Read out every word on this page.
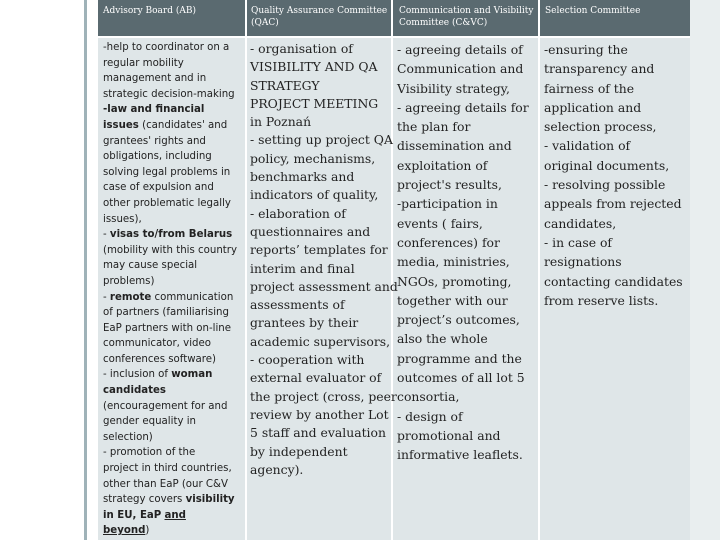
Advisory Board (AB)	Quality Assurance Committee
(QAC)
Communication and Visibility
Committee (C&VC)
Selection Committee
-help to coordinator on a
regular mobility
management and in
strategic decision-making
-law and financial
issues (candidates' and
grantees' rights and
obligations, including
solving legal problems in
case of expulsion and
other problematic legally
issues),
- visas to/from Belarus
(mobility with this country
may cause special
problems)
- remote communication
of partners (familiarising
EaP partners with on-line
communicator, video
conferences software)
- inclusion of woman
candidates
(encouragement for and
gender equality in
selection)
- promotion of the
project in third countries,
other than EaP (our C&V
strategy covers visibility
in EU, EaP and
beyond)
- organisation of
VISIBILITY AND QA
STRATEGY
PROJECT MEETING
in Poznań
- setting up project QA
policy, mechanisms,
benchmarks and
indicators of quality,
- elaboration of
questionnaires and
reports’ templates for
interim and final
project assessment and
assessments of
grantees by their
academic supervisors,
- cooperation with
external evaluator of
the project (cross, peer
review by another Lot
5 staff and evaluation
by independent
agency).
- agreeing details of
Communication and
Visibility strategy,
- agreeing details for
the plan for
dissemination and
exploitation of
project's results,
-participation in
events ( fairs,
conferences) for
media, ministries,
NGOs, promoting,
together with our
project’s outcomes,
also the whole
programme and the
outcomes of all lot 5
consortia,
- design of
promotional and
informative leaflets.
-ensuring the
transparency and
fairness of the
application and
selection process,
- validation of
original documents,
- resolving possible
appeals from rejected
candidates,
- in case of
resignations
contacting candidates
from reserve lists.
